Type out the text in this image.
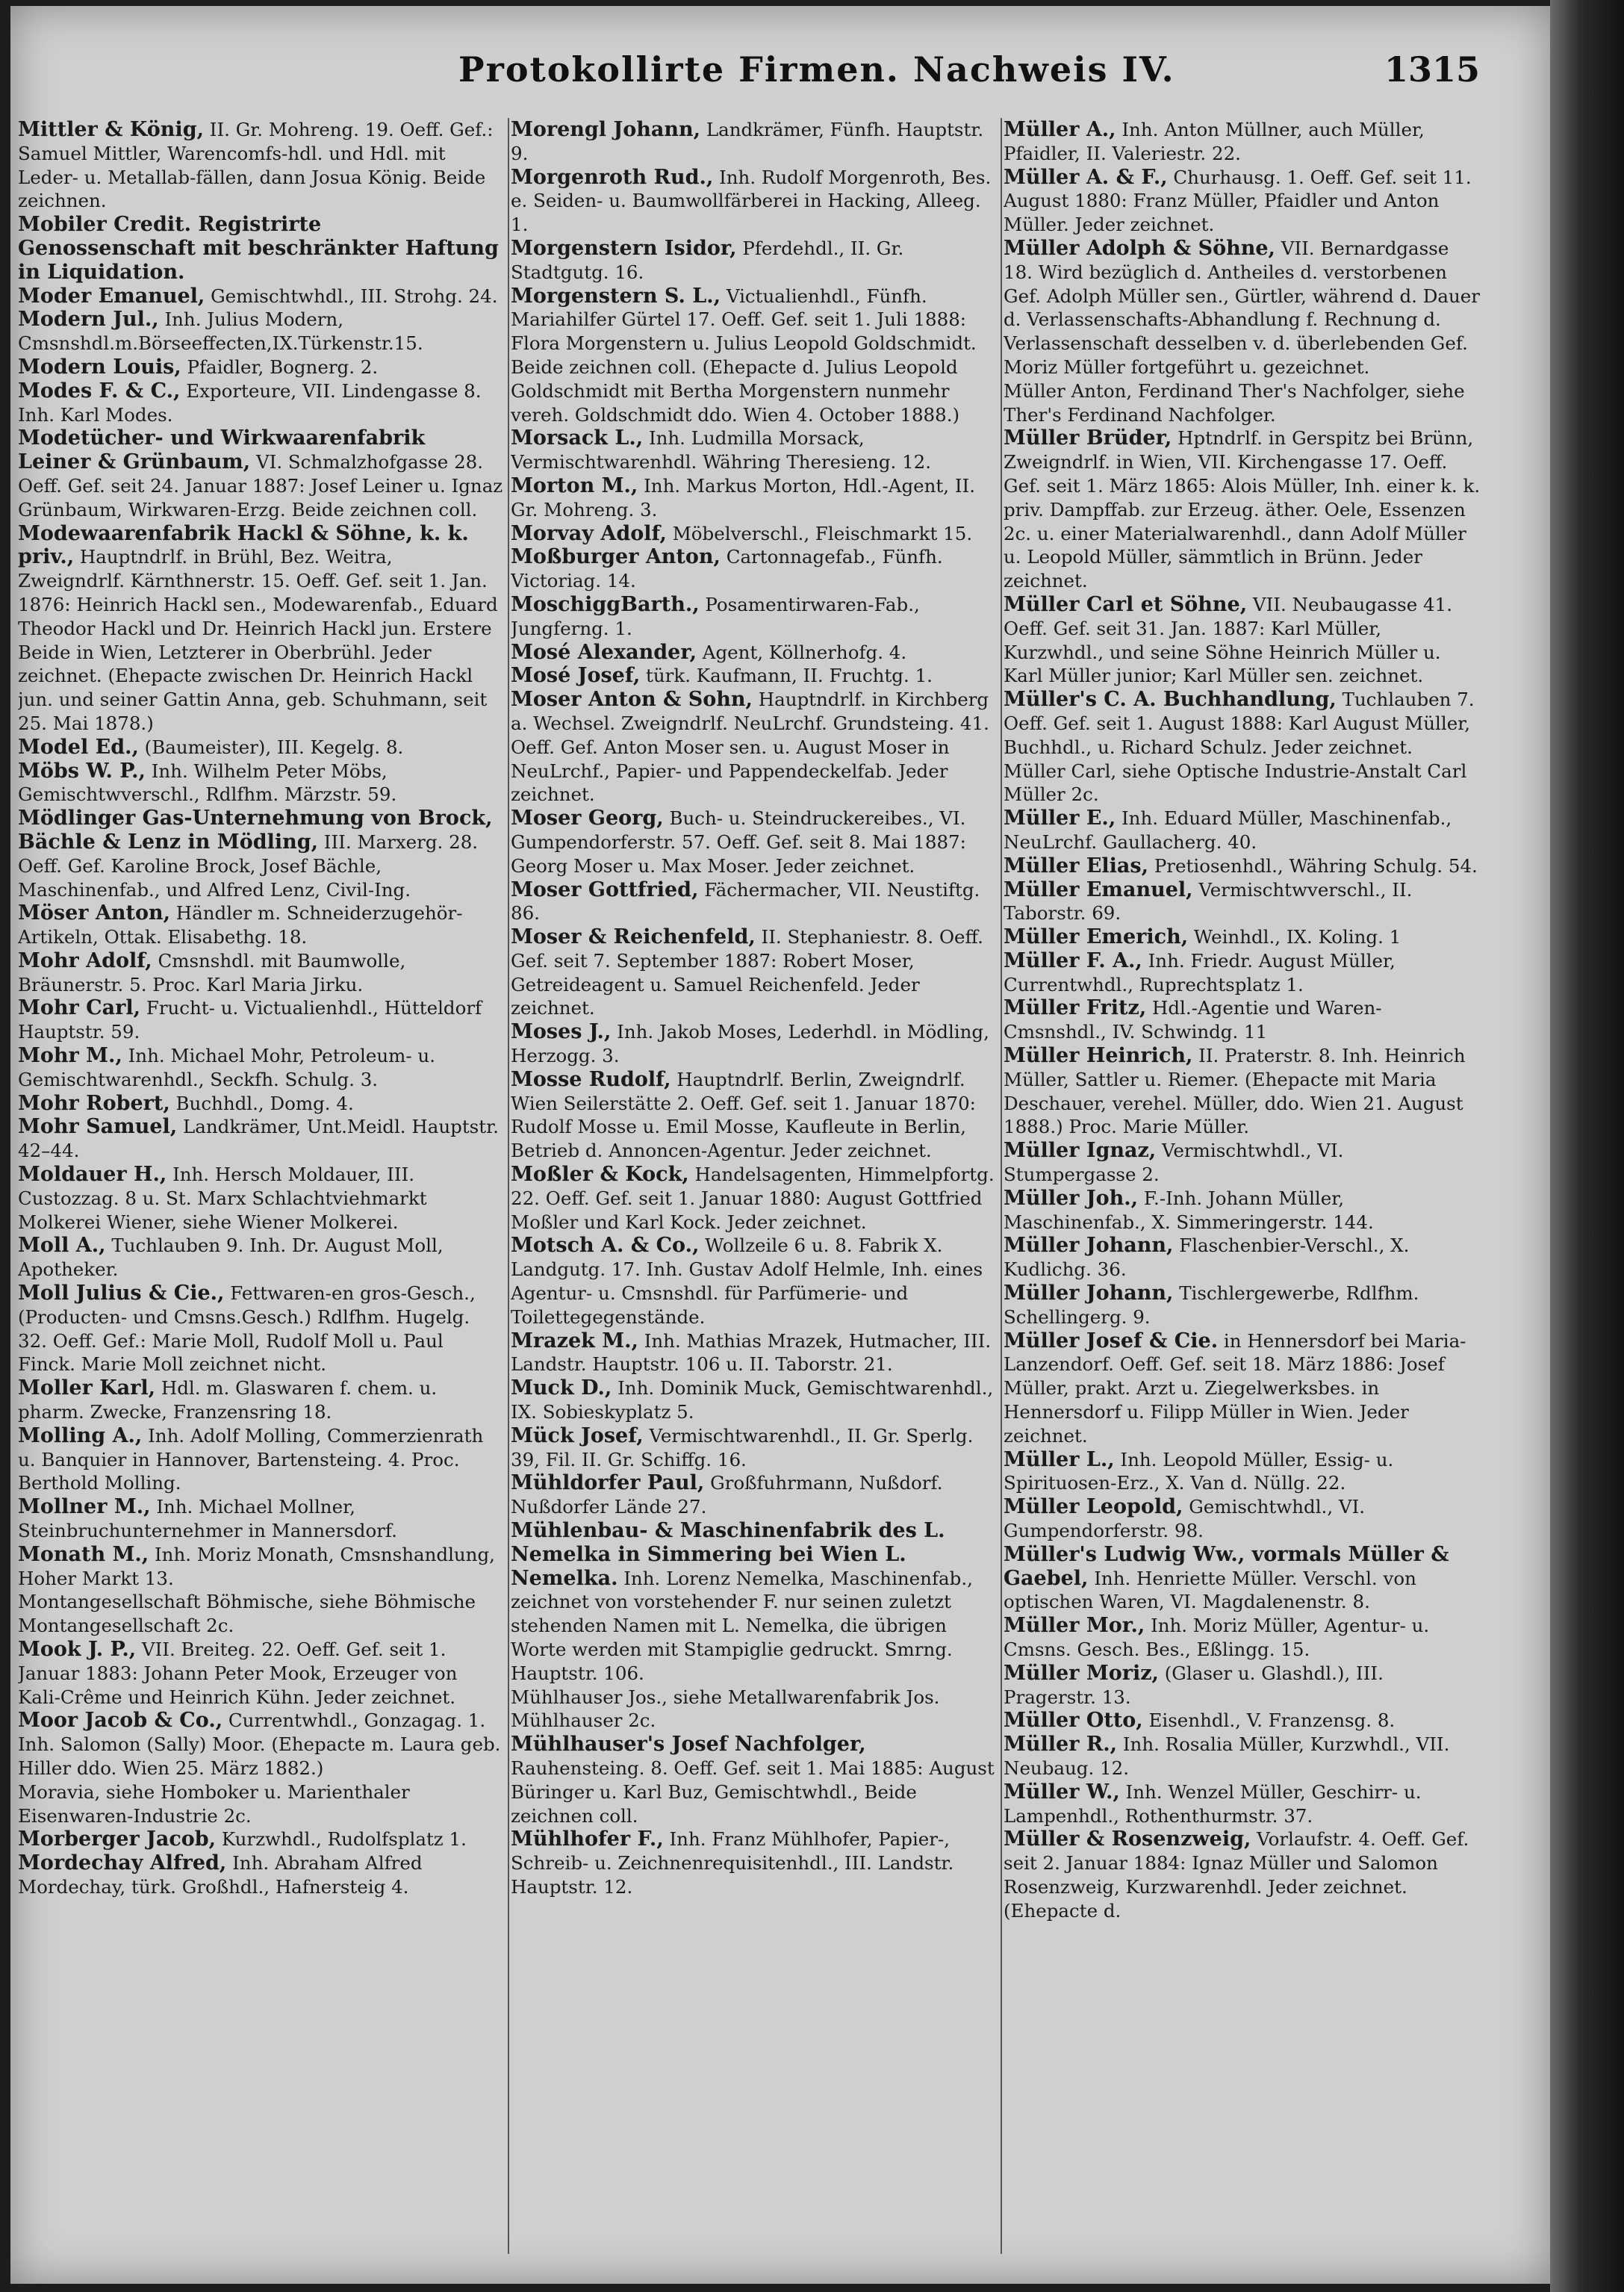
Protokollirte Firmen. Nachweis IV.	1315

Mittler & König, II. Gr. Mohreng. 19. Oeff. Gef.: Samuel Mittler, Warencomfs-hdl. und Hdl. mit Leder- u. Metallab-fällen, dann Josua König. Beide zeichnen.

Mobiler Credit. Registrirte Genossenschaft mit beschränkter Haftung in Liquidation.

Moder Emanuel, Gemischtwhdl., III. Strohg. 24.

Modern Jul., Inh. Julius Modern, Cmsnshdl.m.Börseeffecten,IX.Türkenstr.15.

Modern Louis, Pfaidler, Bognerg. 2.

Modes F. & C., Exporteure, VII. Lindengasse 8. Inh. Karl Modes.

Modetücher- und Wirkwaarenfabrik Leiner & Grünbaum, VI. Schmalzhofgasse 28. Oeff. Gef. seit 24. Januar 1887: Josef Leiner u. Ignaz Grünbaum, Wirkwaren-Erzg. Beide zeichnen coll.

Modewaarenfabrik Hackl & Söhne, k. k. priv., Hauptndrlf. in Brühl, Bez. Weitra, Zweigndrlf. Kärnthnerstr. 15. Oeff. Gef. seit 1. Jan. 1876: Heinrich Hackl sen., Modewarenfab., Eduard Theodor Hackl und Dr. Heinrich Hackl jun. Erstere Beide in Wien, Letzterer in Oberbrühl. Jeder zeichnet. (Ehepacte zwischen Dr. Heinrich Hackl jun. und seiner Gattin Anna, geb. Schuhmann, seit 25. Mai 1878.)

Model Ed., (Baumeister), III. Kegelg. 8.

Möbs W. P., Inh. Wilhelm Peter Möbs, Gemischtwverschl., Rdlfhm. Märzstr. 59.

Mödlinger Gas-Unternehmung von Brock, Bächle & Lenz in Mödling, III. Marxerg. 28. Oeff. Gef. Karoline Brock, Josef Bächle, Maschinenfab., und Alfred Lenz, Civil-Ing.

Möser Anton, Händler m. Schneiderzugehör-Artikeln, Ottak. Elisabethg. 18.

Mohr Adolf, Cmsnshdl. mit Baumwolle, Bräunerstr. 5. Proc. Karl Maria Jirku.

Mohr Carl, Frucht- u. Victualienhdl., Hütteldorf Hauptstr. 59.

Mohr M., Inh. Michael Mohr, Petroleum- u. Gemischtwarenhdl., Seckfh. Schulg. 3.

Mohr Robert, Buchhdl., Domg. 4.

Mohr Samuel, Landkrämer, Unt.Meidl. Hauptstr. 42–44.

Moldauer H., Inh. Hersch Moldauer, III. Custozzag. 8 u. St. Marx Schlachtviehmarkt Molkerei Wiener, siehe Wiener Molkerei.

Moll A., Tuchlauben 9. Inh. Dr. August Moll, Apotheker.

Moll Julius & Cie., Fettwaren-en gros-Gesch., (Producten- und Cmsns.Gesch.) Rdlfhm. Hugelg. 32. Oeff. Gef.: Marie Moll, Rudolf Moll u. Paul Finck. Marie Moll zeichnet nicht.

Moller Karl, Hdl. m. Glaswaren f. chem. u. pharm. Zwecke, Franzensring 18.

Molling A., Inh. Adolf Molling, Commerzienrath u. Banquier in Hannover, Bartensteing. 4. Proc. Berthold Molling.

Mollner M., Inh. Michael Mollner, Steinbruchunternehmer in Mannersdorf.

Monath M., Inh. Moriz Monath, Cmsnshandlung, Hoher Markt 13.

Montangesellschaft Böhmische, siehe Böhmische Montangesellschaft 2c.

Mook J. P., VII. Breiteg. 22. Oeff. Gef. seit 1. Januar 1883: Johann Peter Mook, Erzeuger von Kali-Crême und Heinrich Kühn. Jeder zeichnet.

Moor Jacob & Co., Currentwhdl., Gonzagag. 1. Inh. Salomon (Sally) Moor. (Ehepacte m. Laura geb. Hiller ddo. Wien 25. März 1882.)

Moravia, siehe Homboker u. Marienthaler Eisenwaren-Industrie 2c.

Morberger Jacob, Kurzwhdl., Rudolfsplatz 1.

Mordechay Alfred, Inh. Abraham Alfred Mordechay, türk. Großhdl., Hafnersteig 4.

Morengl Johann, Landkrämer, Fünfh. Hauptstr. 9.

Morgenroth Rud., Inh. Rudolf Morgenroth, Bes. e. Seiden- u. Baumwollfärberei in Hacking, Alleeg. 1.

Morgenstern Isidor, Pferdehdl., II. Gr. Stadtgutg. 16.

Morgenstern S. L., Victualienhdl., Fünfh. Mariahilfer Gürtel 17. Oeff. Gef. seit 1. Juli 1888: Flora Morgenstern u. Julius Leopold Goldschmidt. Beide zeichnen coll. (Ehepacte d. Julius Leopold Goldschmidt mit Bertha Morgenstern nunmehr vereh. Goldschmidt ddo. Wien 4. October 1888.)

Morsack L., Inh. Ludmilla Morsack, Vermischtwarenhdl. Währing Theresieng. 12.

Morton M., Inh. Markus Morton, Hdl.-Agent, II. Gr. Mohreng. 3.

Morvay Adolf, Möbelverschl., Fleischmarkt 15.

Moßburger Anton, Cartonnagefab., Fünfh. Victoriag. 14.

MoschiggBarth., Posamentirwaren-Fab., Jungferng. 1.

Mosé Alexander, Agent, Köllnerhofg. 4.

Mosé Josef, türk. Kaufmann, II. Fruchtg. 1.

Moser Anton & Sohn, Hauptndrlf. in Kirchberg a. Wechsel. Zweigndrlf. NeuLrchf. Grundsteing. 41. Oeff. Gef. Anton Moser sen. u. August Moser in NeuLrchf., Papier- und Pappendeckelfab. Jeder zeichnet.

Moser Georg, Buch- u. Steindruckereibes., VI. Gumpendorferstr. 57. Oeff. Gef. seit 8. Mai 1887: Georg Moser u. Max Moser. Jeder zeichnet.

Moser Gottfried, Fächermacher, VII. Neustiftg. 86.

Moser & Reichenfeld, II. Stephaniestr. 8. Oeff. Gef. seit 7. September 1887: Robert Moser, Getreideagent u. Samuel Reichenfeld. Jeder zeichnet.

Moses J., Inh. Jakob Moses, Lederhdl. in Mödling, Herzogg. 3.

Mosse Rudolf, Hauptndrlf. Berlin, Zweigndrlf. Wien Seilerstätte 2. Oeff. Gef. seit 1. Januar 1870: Rudolf Mosse u. Emil Mosse, Kaufleute in Berlin, Betrieb d. Annoncen-Agentur. Jeder zeichnet.

Moßler & Kock, Handelsagenten, Himmelpfortg. 22. Oeff. Gef. seit 1. Januar 1880: August Gottfried Moßler und Karl Kock. Jeder zeichnet.

Motsch A. & Co., Wollzeile 6 u. 8. Fabrik X. Landgutg. 17. Inh. Gustav Adolf Helmle, Inh. eines Agentur- u. Cmsnshdl. für Parfümerie- und Toilettegegenstände.

Mrazek M., Inh. Mathias Mrazek, Hutmacher, III. Landstr. Hauptstr. 106 u. II. Taborstr. 21.

Muck D., Inh. Dominik Muck, Gemischtwarenhdl., IX. Sobieskyplatz 5.

Mück Josef, Vermischtwarenhdl., II. Gr. Sperlg. 39, Fil. II. Gr. Schiffg. 16.

Mühldorfer Paul, Großfuhrmann, Nußdorf. Nußdorfer Lände 27.

Mühlenbau- & Maschinenfabrik des L. Nemelka in Simmering bei Wien L. Nemelka. Inh. Lorenz Nemelka, Maschinenfab., zeichnet von vorstehender F. nur seinen zuletzt stehenden Namen mit L. Nemelka, die übrigen Worte werden mit Stampiglie gedruckt. Smrng. Hauptstr. 106.

Mühlhauser Jos., siehe Metallwarenfabrik Jos. Mühlhauser 2c.

Mühlhauser's Josef Nachfolger, Rauhensteing. 8. Oeff. Gef. seit 1. Mai 1885: August Büringer u. Karl Buz, Gemischtwhdl., Beide zeichnen coll.

Mühlhofer F., Inh. Franz Mühlhofer, Papier-, Schreib- u. Zeichnenrequisitenhdl., III. Landstr. Hauptstr. 12.

Müller A., Inh. Anton Müllner, auch Müller, Pfaidler, II. Valeriestr. 22.

Müller A. & F., Churhausg. 1. Oeff. Gef. seit 11. August 1880: Franz Müller, Pfaidler und Anton Müller. Jeder zeichnet.

Müller Adolph & Söhne, VII. Bernardgasse 18. Wird bezüglich d. Antheiles d. verstorbenen Gef. Adolph Müller sen., Gürtler, während d. Dauer d. Verlassenschafts-Abhandlung f. Rechnung d. Verlassenschaft desselben v. d. überlebenden Gef. Moriz Müller fortgeführt u. gezeichnet.

Müller Anton, Ferdinand Ther's Nachfolger, siehe Ther's Ferdinand Nachfolger.

Müller Brüder, Hptndrlf. in Gerspitz bei Brünn, Zweigndrlf. in Wien, VII. Kirchengasse 17. Oeff. Gef. seit 1. März 1865: Alois Müller, Inh. einer k. k. priv. Dampffab. zur Erzeug. äther. Oele, Essenzen 2c. u. einer Materialwarenhdl., dann Adolf Müller u. Leopold Müller, sämmtlich in Brünn. Jeder zeichnet.

Müller Carl et Söhne, VII. Neubaugasse 41. Oeff. Gef. seit 31. Jan. 1887: Karl Müller, Kurzwhdl., und seine Söhne Heinrich Müller u. Karl Müller junior; Karl Müller sen. zeichnet.

Müller's C. A. Buchhandlung, Tuchlauben 7. Oeff. Gef. seit 1. August 1888: Karl August Müller, Buchhdl., u. Richard Schulz. Jeder zeichnet.

Müller Carl, siehe Optische Industrie-Anstalt Carl Müller 2c.

Müller E., Inh. Eduard Müller, Maschinenfab., NeuLrchf. Gaullacherg. 40.

Müller Elias, Pretiosenhdl., Währing Schulg. 54.

Müller Emanuel, Vermischtwverschl., II. Taborstr. 69.

Müller Emerich, Weinhdl., IX. Koling. 1

Müller F. A., Inh. Friedr. August Müller, Currentwhdl., Ruprechtsplatz 1.

Müller Fritz, Hdl.-Agentie und Waren-Cmsnshdl., IV. Schwindg. 11

Müller Heinrich, II. Praterstr. 8. Inh. Heinrich Müller, Sattler u. Riemer. (Ehepacte mit Maria Deschauer, verehel. Müller, ddo. Wien 21. August 1888.) Proc. Marie Müller.

Müller Ignaz, Vermischtwhdl., VI. Stumpergasse 2.

Müller Joh., F.-Inh. Johann Müller, Maschinenfab., X. Simmeringerstr. 144.

Müller Johann, Flaschenbier-Verschl., X. Kudlichg. 36.

Müller Johann, Tischlergewerbe, Rdlfhm. Schellingerg. 9.

Müller Josef & Cie. in Hennersdorf bei Maria-Lanzendorf. Oeff. Gef. seit 18. März 1886: Josef Müller, prakt. Arzt u. Ziegelwerksbes. in Hennersdorf u. Filipp Müller in Wien. Jeder zeichnet.

Müller L., Inh. Leopold Müller, Essig- u. Spirituosen-Erz., X. Van d. Nüllg. 22.

Müller Leopold, Gemischtwhdl., VI. Gumpendorferstr. 98.

Müller's Ludwig Ww., vormals Müller & Gaebel, Inh. Henriette Müller. Verschl. von optischen Waren, VI. Magdalenenstr. 8.

Müller Mor., Inh. Moriz Müller, Agentur- u. Cmsns. Gesch. Bes., Eßlingg. 15.

Müller Moriz, (Glaser u. Glashdl.), III. Pragerstr. 13.

Müller Otto, Eisenhdl., V. Franzensg. 8.

Müller R., Inh. Rosalia Müller, Kurzwhdl., VII. Neubaug. 12.

Müller W., Inh. Wenzel Müller, Geschirr- u. Lampenhdl., Rothenthurmstr. 37.

Müller & Rosenzweig, Vorlaufstr. 4. Oeff. Gef. seit 2. Januar 1884: Ignaz Müller und Salomon Rosenzweig, Kurzwarenhdl. Jeder zeichnet. (Ehepacte d.
